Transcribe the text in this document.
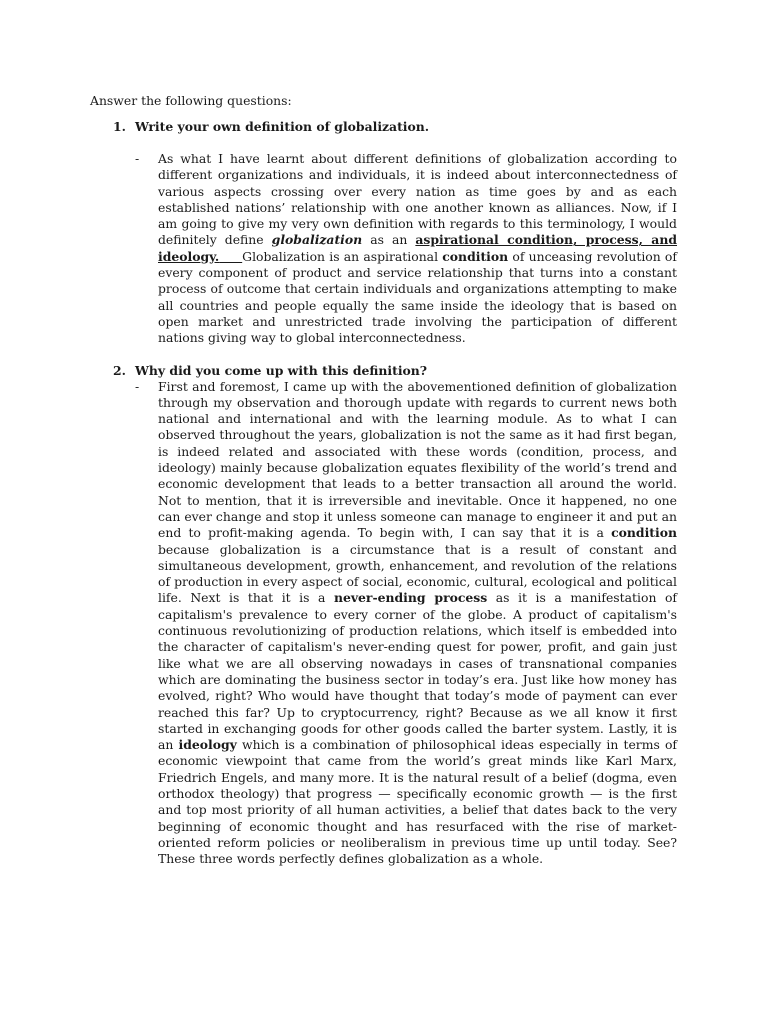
Answer the following questions:
1. Write your own definition of globalization.
- As what I have learnt about different definitions of globalization according to different organizations and individuals, it is indeed about interconnectedness of various aspects crossing over every nation as time goes by and as each established nations’ relationship with one another known as alliances. Now, if I am going to give my very own definition with regards to this terminology, I would definitely define globalization as an aspirational condition, process, and ideology. Globalization is an aspirational condition of unceasing revolution of every component of product and service relationship that turns into a constant process of outcome that certain individuals and organizations attempting to make all countries and people equally the same inside the ideology that is based on open market and unrestricted trade involving the participation of different nations giving way to global interconnectedness.
2. Why did you come up with this definition?
- First and foremost, I came up with the abovementioned definition of globalization through my observation and thorough update with regards to current news both national and international and with the learning module. As to what I can observed throughout the years, globalization is not the same as it had first began, is indeed related and associated with these words (condition, process, and ideology) mainly because globalization equates flexibility of the world’s trend and economic development that leads to a better transaction all around the world. Not to mention, that it is irreversible and inevitable. Once it happened, no one can ever change and stop it unless someone can manage to engineer it and put an end to profit-making agenda. To begin with, I can say that it is a condition because globalization is a circumstance that is a result of constant and simultaneous development, growth, enhancement, and revolution of the relations of production in every aspect of social, economic, cultural, ecological and political life. Next is that it is a never-ending process as it is a manifestation of capitalism's prevalence to every corner of the globe. A product of capitalism's continuous revolutionizing of production relations, which itself is embedded into the character of capitalism's never-ending quest for power, profit, and gain just like what we are all observing nowadays in cases of transnational companies which are dominating the business sector in today’s era. Just like how money has evolved, right? Who would have thought that today’s mode of payment can ever reached this far? Up to cryptocurrency, right? Because as we all know it first started in exchanging goods for other goods called the barter system. Lastly, it is an ideology which is a combination of philosophical ideas especially in terms of economic viewpoint that came from the world’s great minds like Karl Marx, Friedrich Engels, and many more. It is the natural result of a belief (dogma, even orthodox theology) that progress — specifically economic growth — is the first and top most priority of all human activities, a belief that dates back to the very beginning of economic thought and has resurfaced with the rise of market-oriented reform policies or neoliberalism in previous time up until today. See? These three words perfectly defines globalization as a whole.
